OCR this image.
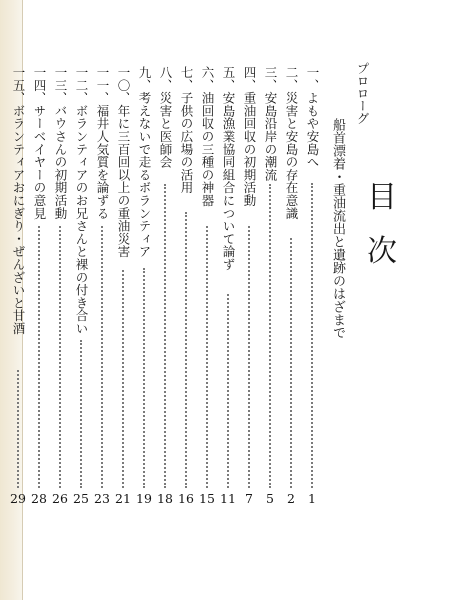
目
次
プロローグ
船首漂着・重油流出と遺跡のはざまで
一、よもや安島へ
1
二、災害と安島の存在意識
2
三、安島沿岸の潮流
5
四、重油回収の初期活動
7
五、安島漁業協同組合について論ず
11
六、油回収の三種の神器
15
七、子供の広場の活用
16
八、災害と医師会
18
九、考えないで走るボランティア
19
一〇、年に三百回以上の重油災害
21
一一、福井人気質を論ずる
23
一二、ボランティアのお兄さんと裸の付き合い
25
一三、バウさんの初期活動
26
一四、サーベイヤーの意見
28
一五、ボランティアおにぎり・ぜんざいと甘酒
29
